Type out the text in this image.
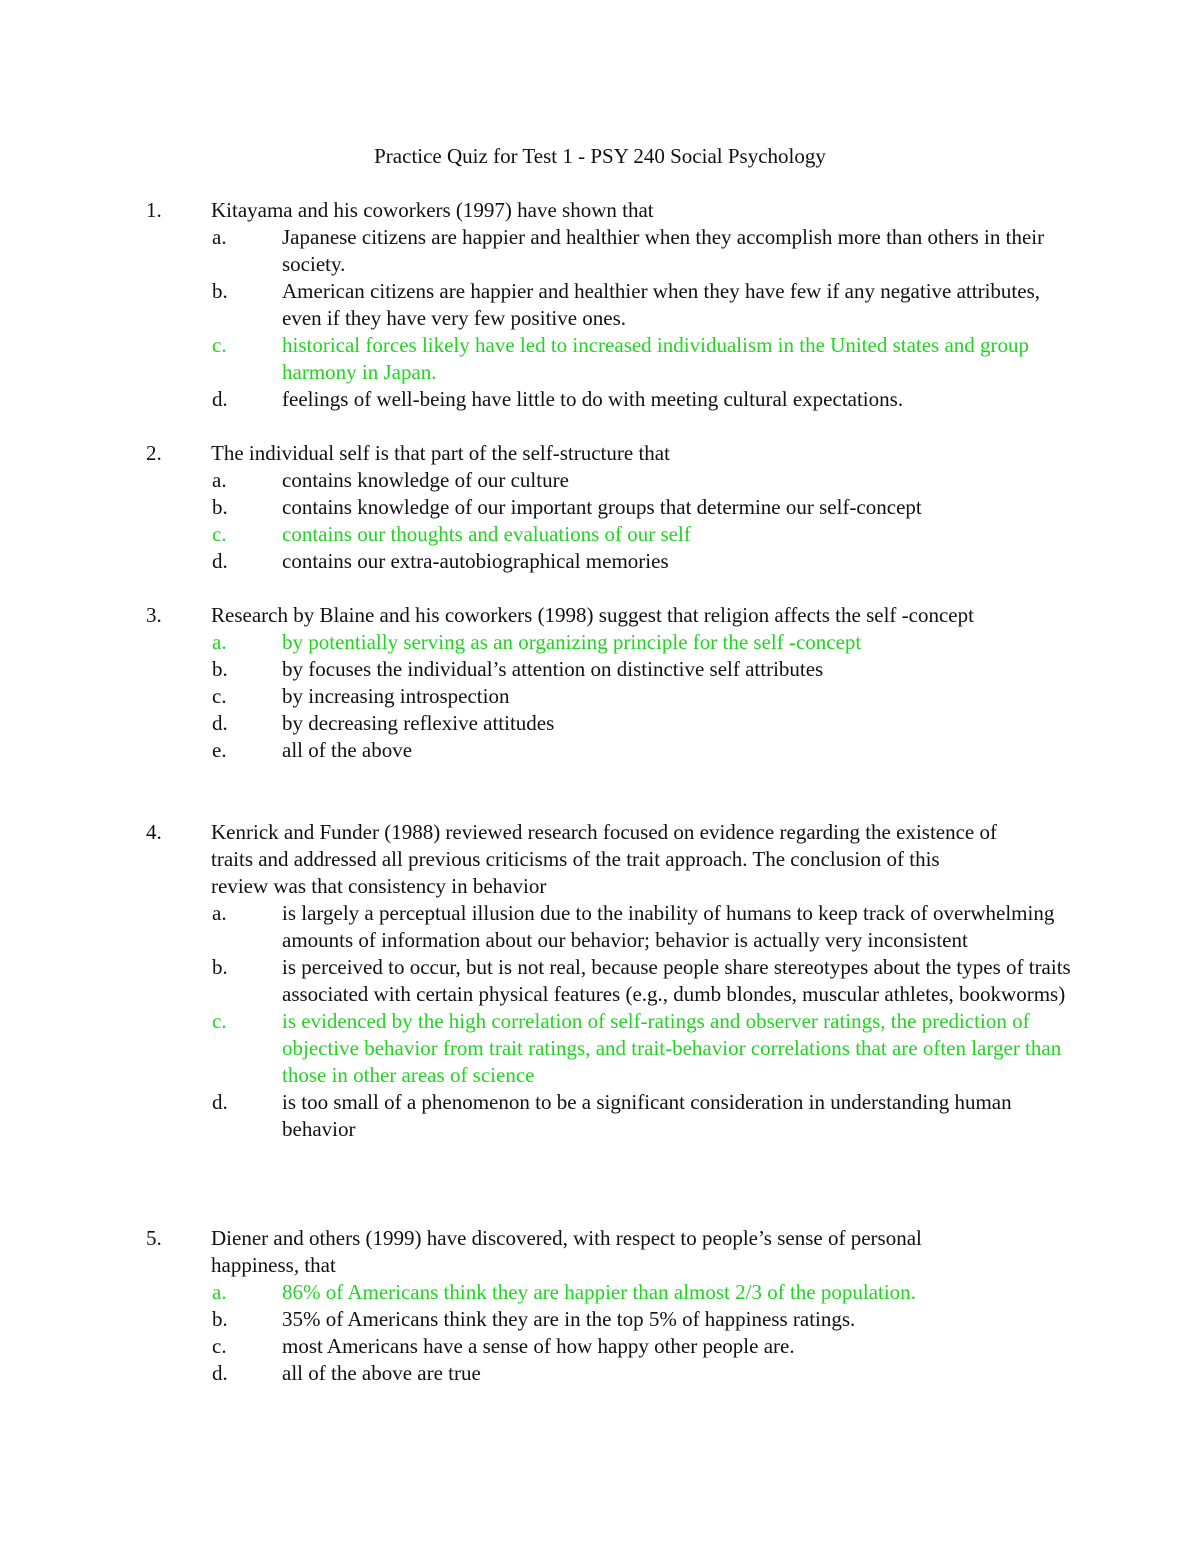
Practice Quiz for Test 1 - PSY 240 Social Psychology
1. Kitayama and his coworkers (1997) have shown that
a.	Japanese citizens are happier and healthier when they accomplish more than others in their society.
b.	American citizens are happier and healthier when they have few if any negative attributes, even if they have very few positive ones.
c.	historical forces likely have led to increased individualism in the United states and group harmony in Japan.
d.	feelings of well-being have little to do with meeting cultural expectations.
2. The individual self is that part of the self-structure that
a.	contains knowledge of our culture
b.	contains knowledge of our important groups that determine our self-concept
c.	contains our thoughts and evaluations of our self
d.	contains our extra-autobiographical memories
3. Research by Blaine and his coworkers (1998) suggest that religion affects the self -concept
a.	by potentially serving as an organizing principle for the self -concept
b.	by focuses the individual’s attention on distinctive self attributes
c.	by increasing introspection
d.	by decreasing reflexive attitudes
e.	all of the above
4. Kenrick and Funder (1988) reviewed research focused on evidence regarding the existence of traits and addressed all previous criticisms of the trait approach. The conclusion of this review was that consistency in behavior
a.	is largely a perceptual illusion due to the inability of humans to keep track of overwhelming amounts of information about our behavior; behavior is actually very inconsistent
b.	is perceived to occur, but is not real, because people share stereotypes about the types of traits associated with certain physical features (e.g., dumb blondes, muscular athletes, bookworms)
c.	is evidenced by the high correlation of self-ratings and observer ratings, the prediction of objective behavior from trait ratings, and trait-behavior correlations that are often larger than those in other areas of science
d.	is too small of a phenomenon to be a significant consideration in understanding human behavior
5. Diener and others (1999) have discovered, with respect to people’s sense of personal happiness, that
a.	86% of Americans think they are happier than almost 2/3 of the population.
b.	35% of Americans think they are in the top 5% of happiness ratings.
c.	most Americans have a sense of how happy other people are.
d.	all of the above are true
